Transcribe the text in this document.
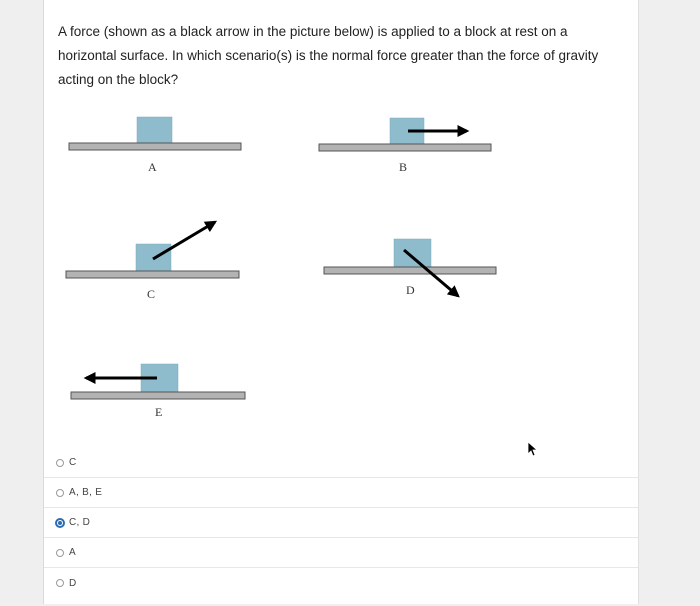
A force (shown as a black arrow in the picture below) is applied to a block at rest on a horizontal surface. In which scenario(s) is the normal force greater than the force of gravity acting on the block?

A	B
C	D
E
C
A, B, E
C, D
A
D
